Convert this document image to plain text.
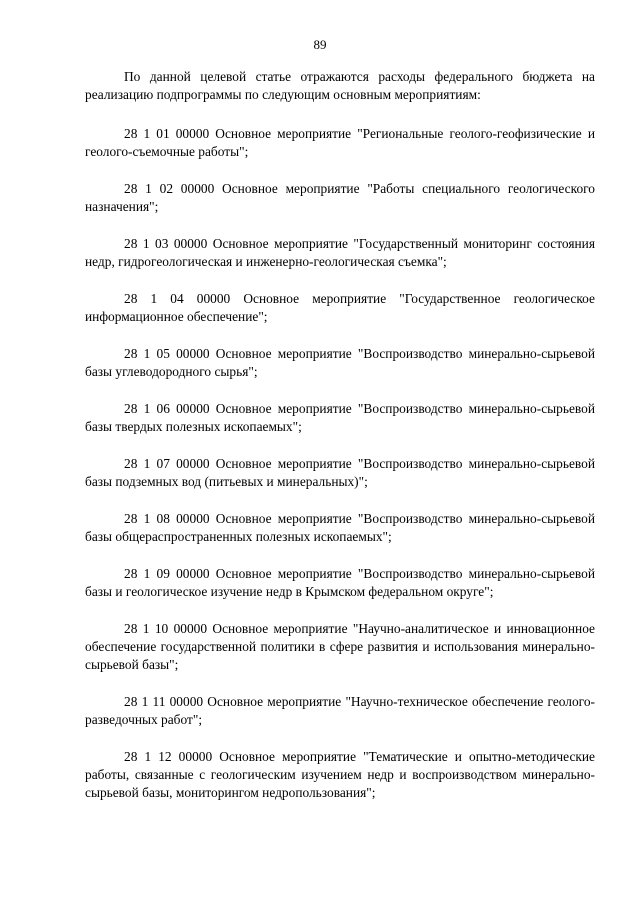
89

По данной целевой статье отражаются расходы федерального бюджета на реализацию подпрограммы по следующим основным мероприятиям:

28 1 01 00000 Основное мероприятие "Региональные геолого-геофизические и геолого-съемочные работы";

28 1 02 00000 Основное мероприятие "Работы специального геологического назначения";

28 1 03 00000 Основное мероприятие "Государственный мониторинг состояния недр, гидрогеологическая и инженерно-геологическая съемка";

28 1 04 00000 Основное мероприятие "Государственное геологическое информационное обеспечение";

28 1 05 00000 Основное мероприятие "Воспроизводство минерально-сырьевой базы углеводородного сырья";

28 1 06 00000 Основное мероприятие "Воспроизводство минерально-сырьевой базы твердых полезных ископаемых";

28 1 07 00000 Основное мероприятие "Воспроизводство минерально-сырьевой базы подземных вод (питьевых и минеральных)";

28 1 08 00000 Основное мероприятие "Воспроизводство минерально-сырьевой базы общераспространенных полезных ископаемых";

28 1 09 00000 Основное мероприятие "Воспроизводство минерально-сырьевой базы и геологическое изучение недр в Крымском федеральном округе";

28 1 10 00000 Основное мероприятие "Научно-аналитическое и инновационное обеспечение государственной политики в сфере развития и использования минерально-сырьевой базы";

28 1 11 00000 Основное мероприятие "Научно-техническое обеспечение геолого-разведочных работ";

28 1 12 00000 Основное мероприятие "Тематические и опытно-методические работы, связанные с геологическим изучением недр и воспроизводством минерально-сырьевой базы, мониторингом недропользования";
